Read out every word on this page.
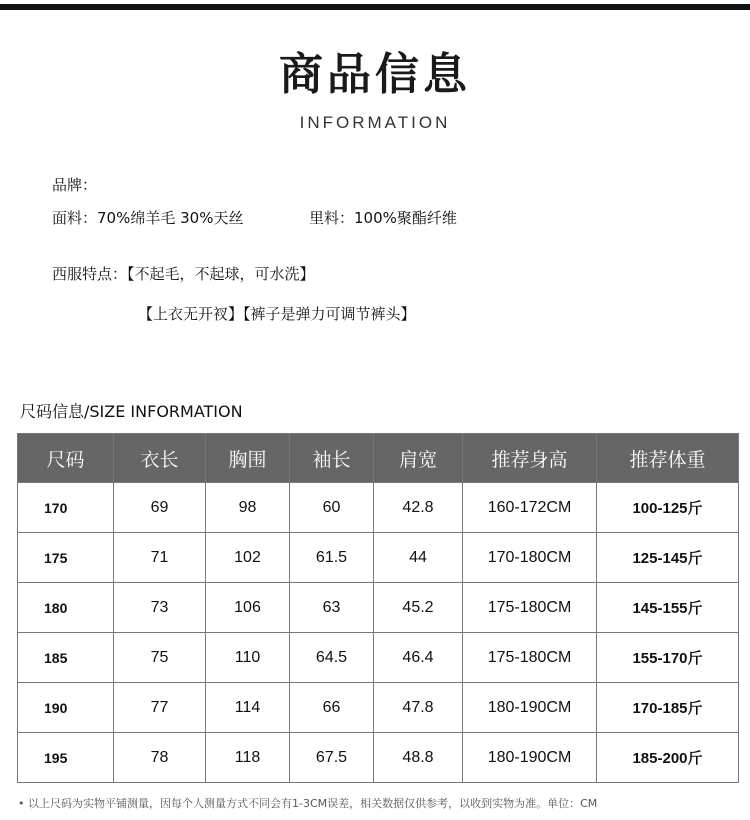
商品信息
INFORMATION
品牌：
面料：70%绵羊毛 30%天丝	里料：100%聚酯纤维
西服特点：【不起毛，不起球，可水洗】
【上衣无开衩】【裤子是弹力可调节裤头】
尺码信息/SIZE INFORMATION
尺码	衣长	胸围	袖长	肩宽	推荐身高	推荐体重
170	69	98	60	42.8	160-172CM	100-125斤
175	71	102	61.5	44	170-180CM	125-145斤
180	73	106	63	45.2	175-180CM	145-155斤
185	75	110	64.5	46.4	175-180CM	155-170斤
190	77	114	66	47.8	180-190CM	170-185斤
195	78	118	67.5	48.8	180-190CM	185-200斤
• 以上尺码为实物平铺测量，因每个人测量方式不同会有1-3CM误差，相关数据仅供参考，以收到实物为准。单位：CM
